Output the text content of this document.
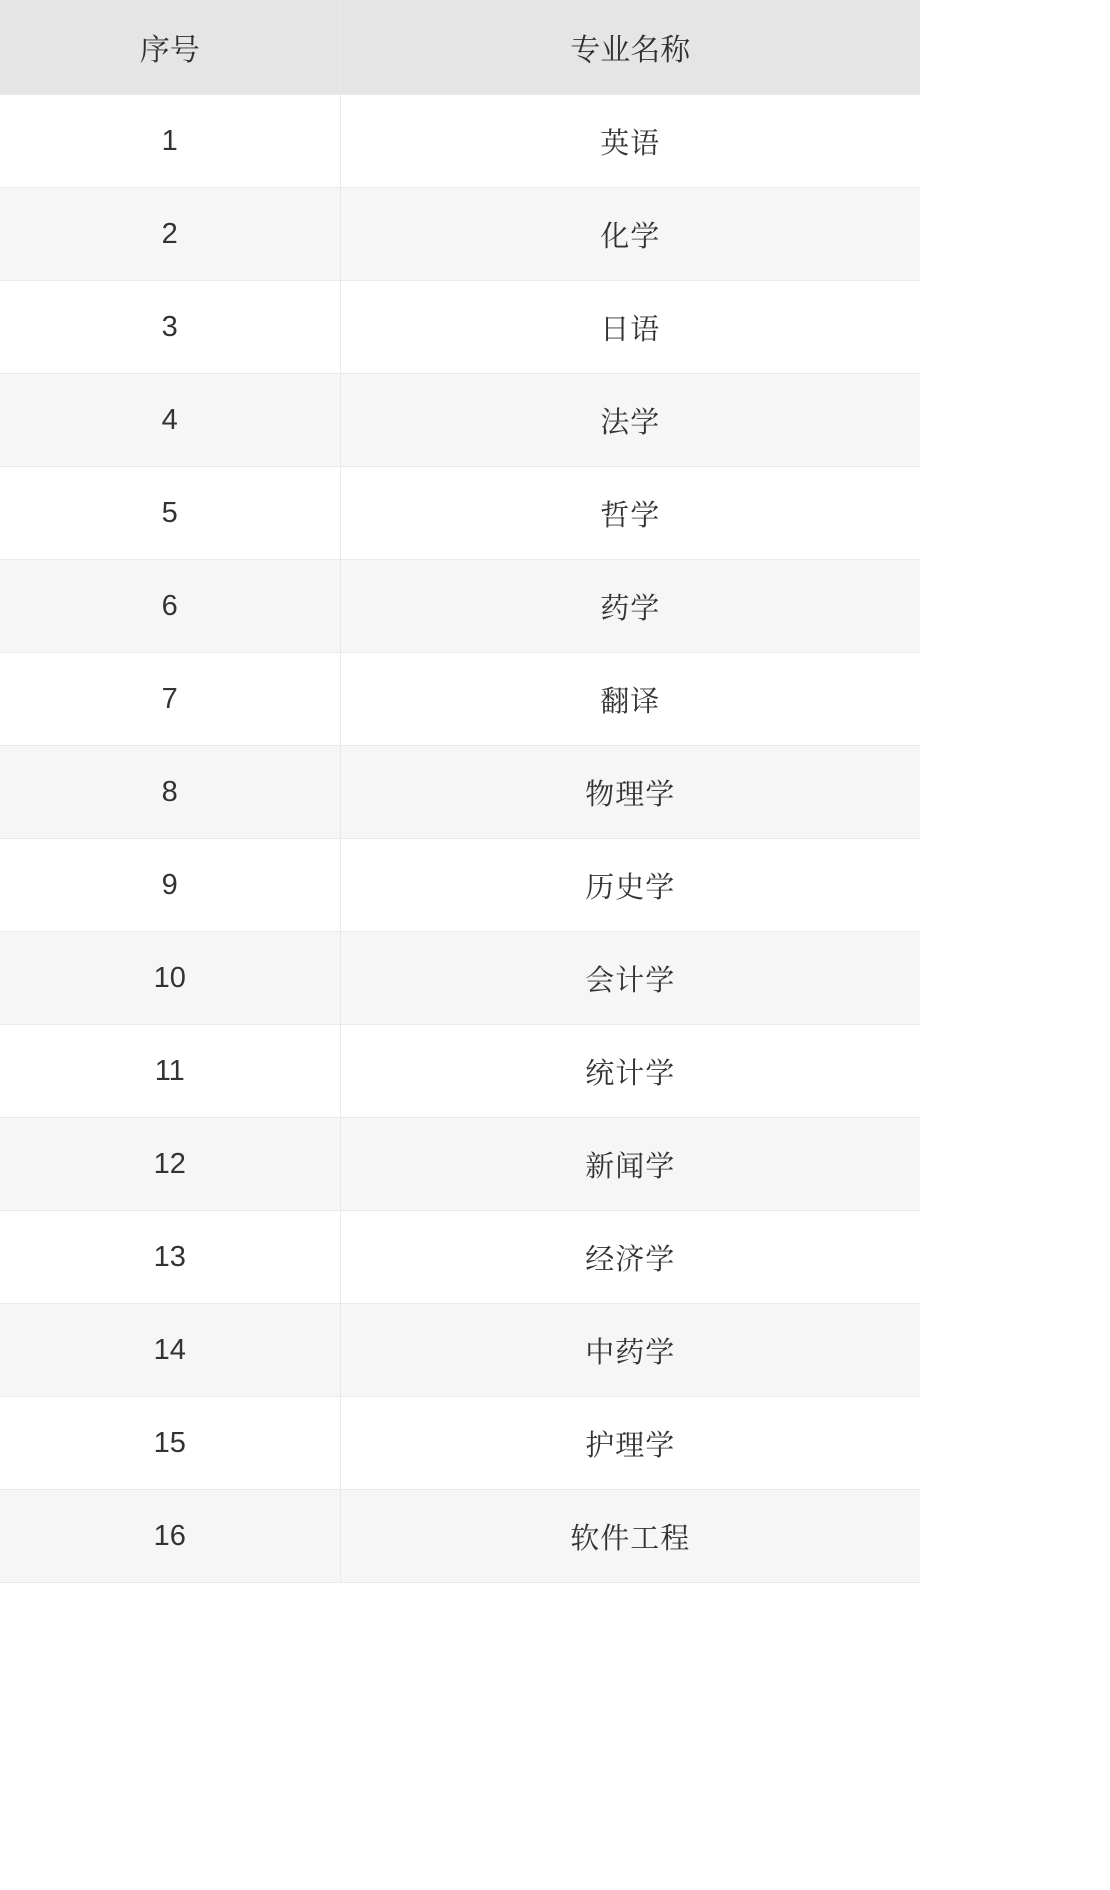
序号	专业名称
1	英语
2	化学
3	日语
4	法学
5	哲学
6	药学
7	翻译
8	物理学
9	历史学
10	会计学
11	统计学
12	新闻学
13	经济学
14	中药学
15	护理学
16	软件工程
